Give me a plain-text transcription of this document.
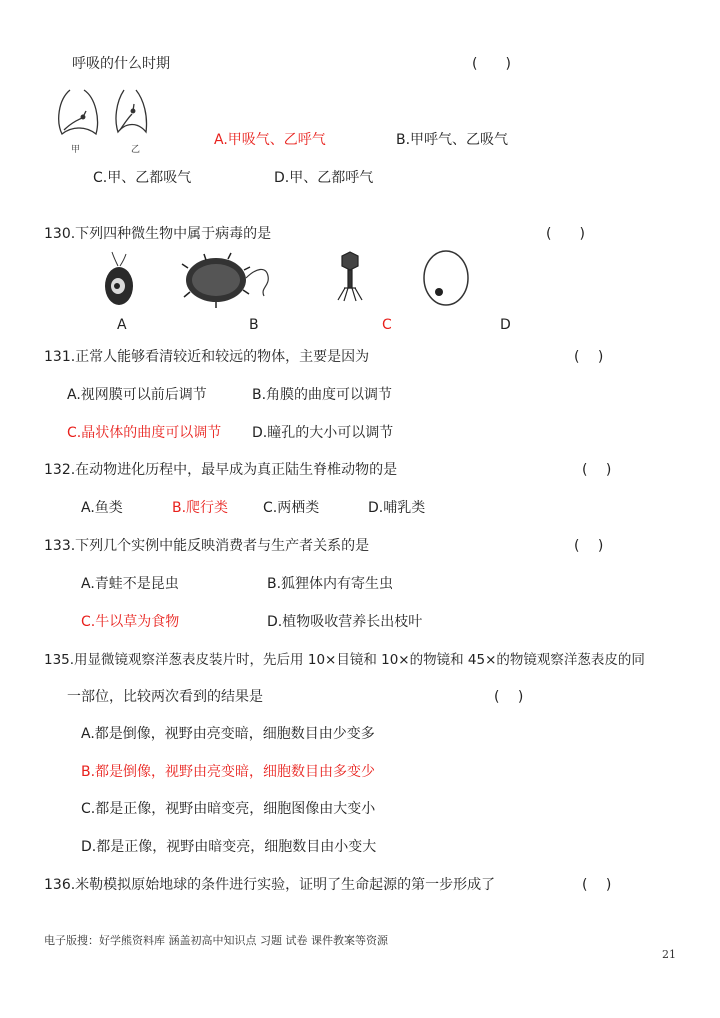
呼吸的什么时期	(　　)
甲	乙
A.甲吸气、乙呼气	B.甲呼气、乙吸气
C.甲、乙都吸气	D.甲、乙都呼气
130.下列四种微生物中属于病毒的是	(　　)
A	B	C	D
131.正常人能够看清较近和较远的物体，主要是因为	(　 )
A.视网膜可以前后调节	B.角膜的曲度可以调节
C.晶状体的曲度可以调节 D.瞳孔的大小可以调节
132.在动物进化历程中，最早成为真正陆生脊椎动物的是	(　 )
A.鱼类	B.爬行类 C.两栖类	D.哺乳类
133.下列几个实例中能反映消费者与生产者关系的是	(　 )
A.青蛙不是昆虫	B.狐狸体内有寄生虫
C.牛以草为食物	D.植物吸收营养长出枝叶
135.用显微镜观察洋葱表皮装片时，先后用 10×目镜和 10×的物镜和 45×的物镜观察洋葱表皮的同
一部位，比较两次看到的结果是	(　 )
A.都是倒像，视野由亮变暗，细胞数目由少变多
B.都是倒像，视野由亮变暗，细胞数目由多变少
C.都是正像，视野由暗变亮，细胞图像由大变小
D.都是正像，视野由暗变亮，细胞数目由小变大
136.米勒模拟原始地球的条件进行实验，证明了生命起源的第一步形成了	(　 )
电子版搜：好学熊资料库 涵盖初高中知识点 习题 试卷 课件教案等资源
21
